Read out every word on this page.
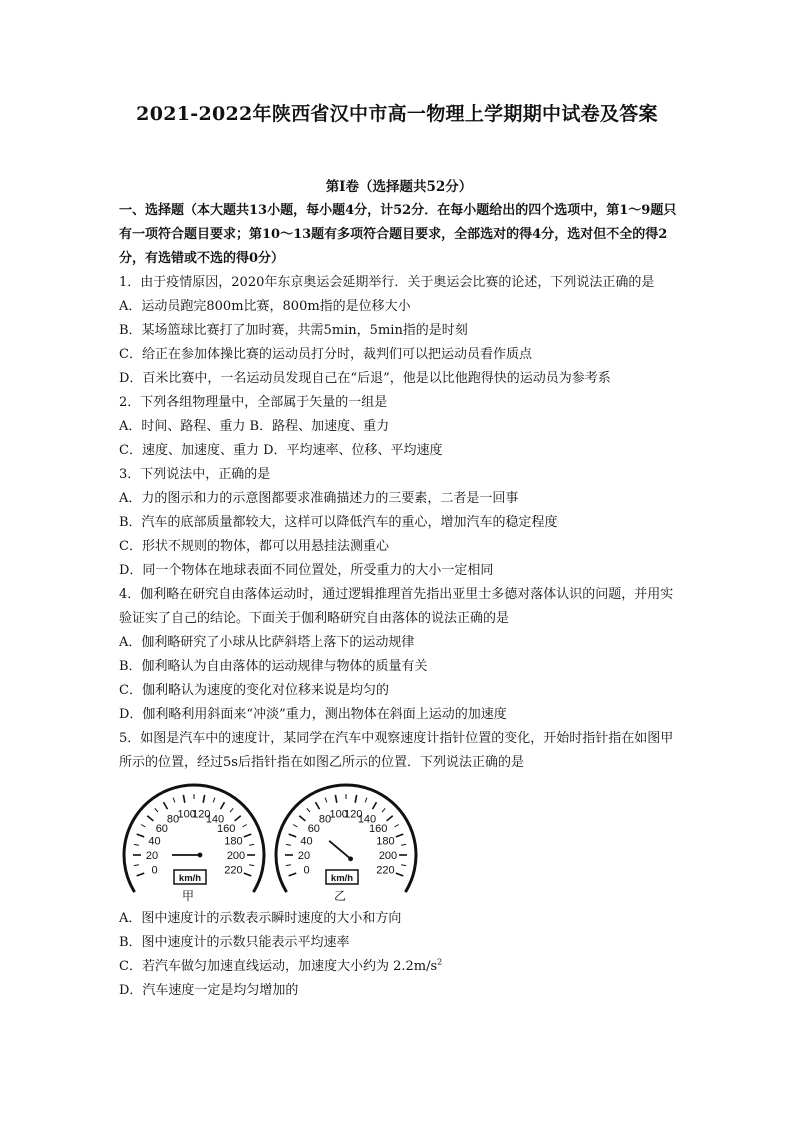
2021-2022年陕西省汉中市高一物理上学期期中试卷及答案
第Ⅰ卷（选择题共52分）
一、选择题（本大题共13小题，每小题4分，计52分．在每小题给出的四个选项中，第1～9题只有一项符合题目要求；第10～13题有多项符合题目要求，全部选对的得4分，选对但不全的得2分，有选错或不选的得0分）
1．由于疫情原因，2020年东京奥运会延期举行．关于奥运会比赛的论述，下列说法正确的是
A．运动员跑完800m比赛，800m指的是位移大小
B．某场篮球比赛打了加时赛，共需5min，5min指的是时刻
C．给正在参加体操比赛的运动员打分时，裁判们可以把运动员看作质点
D．百米比赛中，一名运动员发现自己在“后退”，他是以比他跑得快的运动员为参考系
2．下列各组物理量中，全部属于矢量的一组是
A．时间、路程、重力 B．路程、加速度、重力
C．速度、加速度、重力 D．平均速率、位移、平均速度
3．下列说法中，正确的是
A．力的图示和力的示意图都要求准确描述力的三要素，二者是一回事
B．汽车的底部质量都较大，这样可以降低汽车的重心，增加汽车的稳定程度
C．形状不规则的物体，都可以用悬挂法测重心
D．同一个物体在地球表面不同位置处，所受重力的大小一定相同
4．伽利略在研究自由落体运动时，通过逻辑推理首先指出亚里士多德对落体认识的问题，并用实验证实了自己的结论。下面关于伽利略研究自由落体的说法正确的是
A．伽利略研究了小球从比萨斜塔上落下的运动规律
B．伽利略认为自由落体的运动规律与物体的质量有关
C．伽利略认为速度的变化对位移来说是均匀的
D．伽利略利用斜面来“冲淡”重力，测出物体在斜面上运动的加速度
5．如图是汽车中的速度计，某同学在汽车中观察速度计指针位置的变化，开始时指针指在如图甲所示的位置，经过5s后指针指在如图乙所示的位置．下列说法正确的是
0
20
40
60
80
100
120
140
160
180
200
220
km/h
甲
0
20
40
60
80
100
120
140
160
180
200
220
km/h
乙
A．图中速度计的示数表示瞬时速度的大小和方向
B．图中速度计的示数只能表示平均速率
C．若汽车做匀加速直线运动，加速度大小约为 $2.2m/s^2$
D．汽车速度一定是均匀增加的
